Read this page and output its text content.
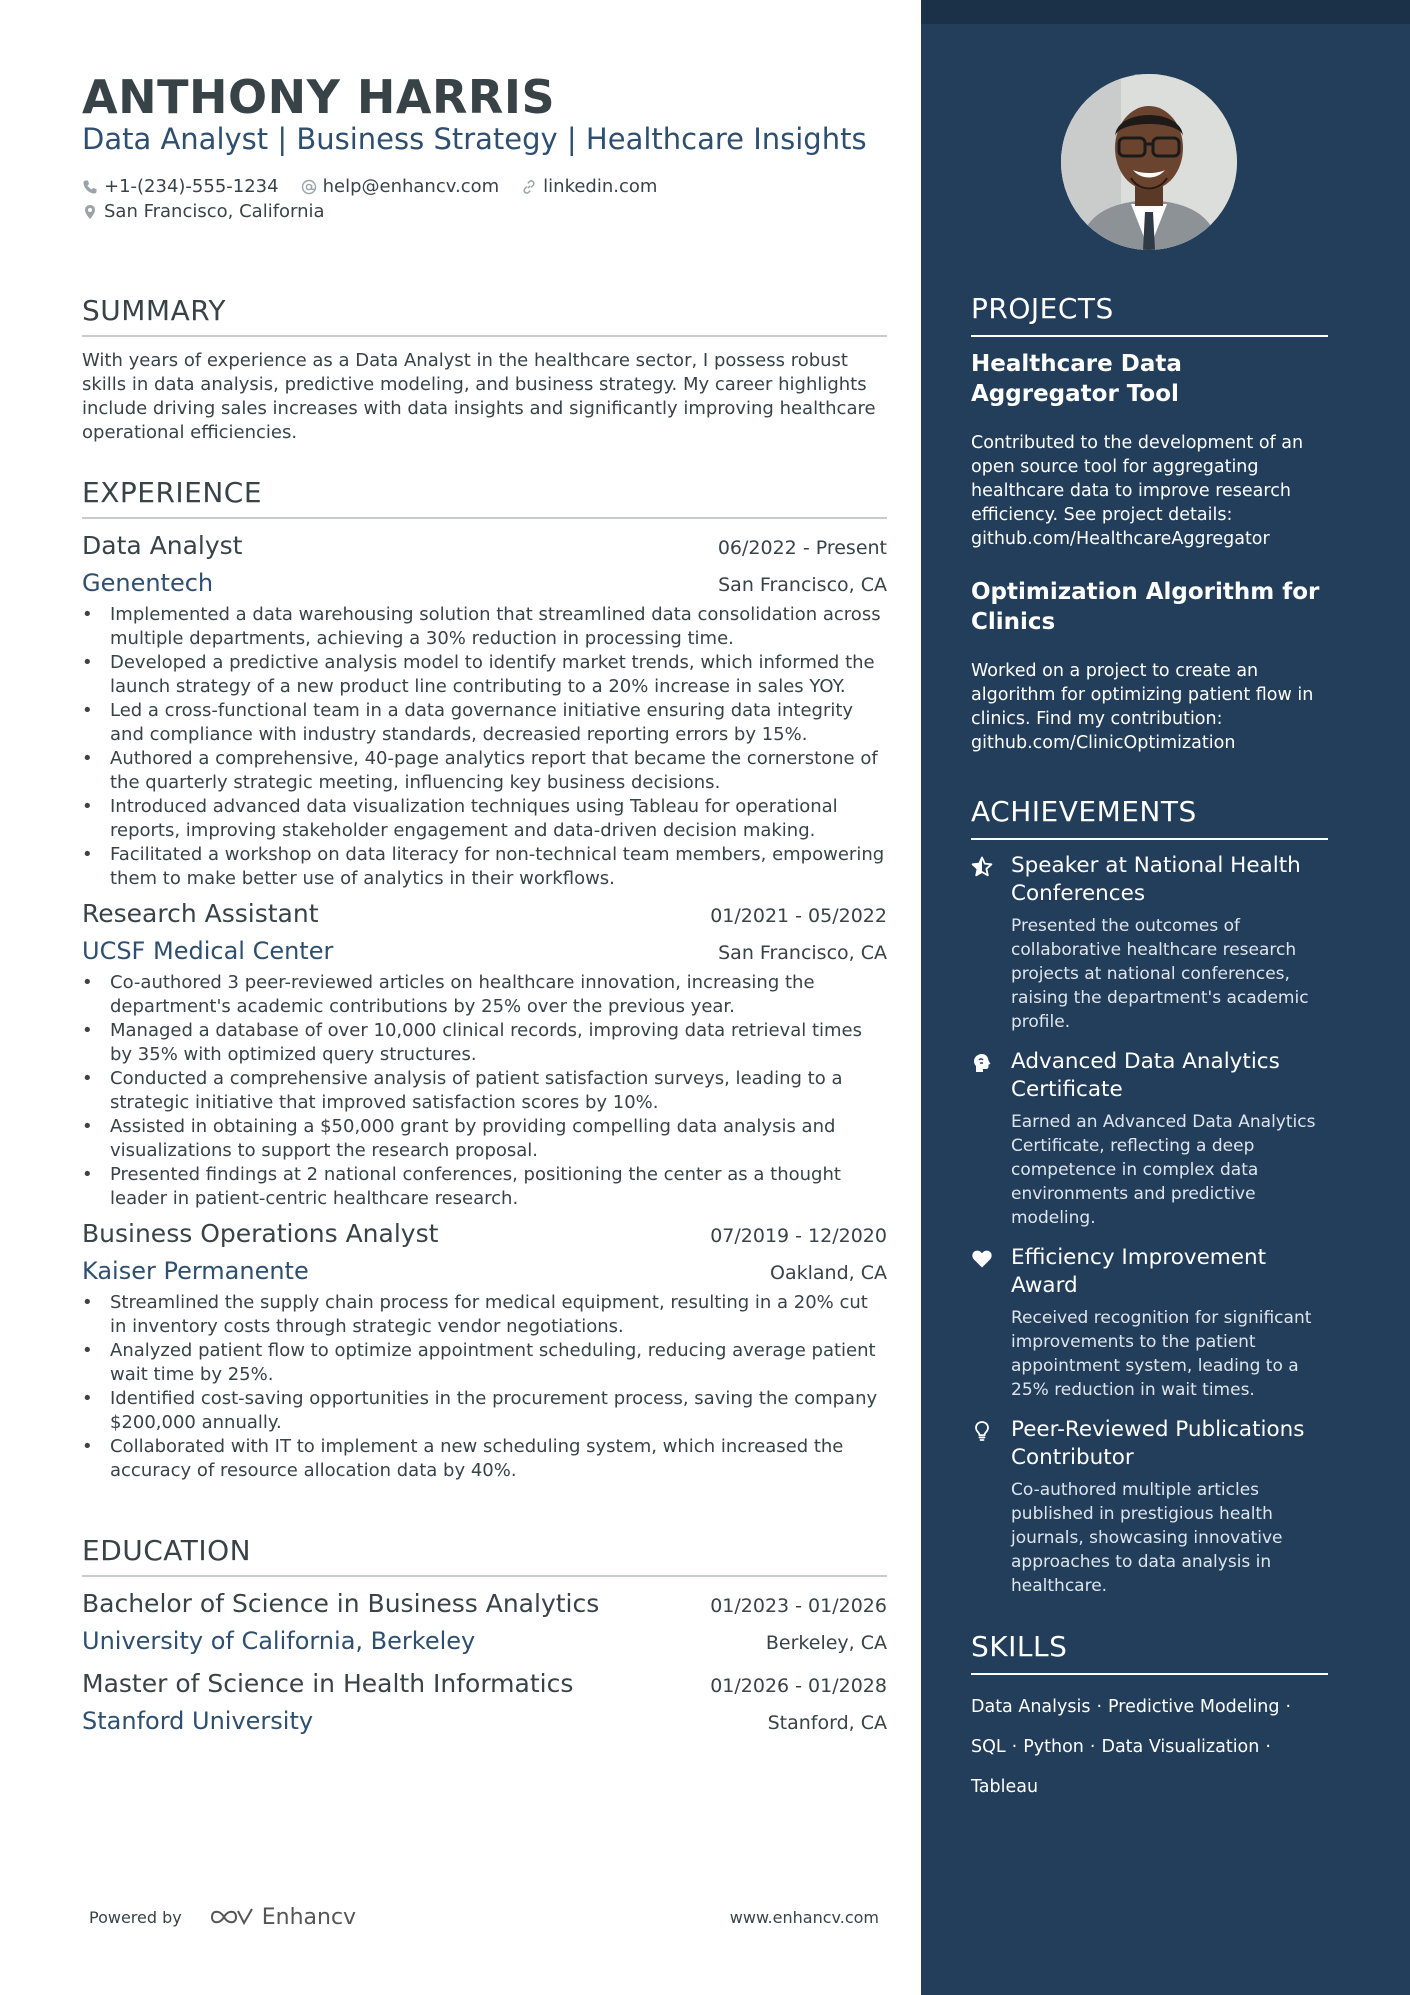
ANTHONY HARRIS
Data Analyst | Business Strategy | Healthcare Insights
+1-(234)-555-1234 help@enhancv.com linkedin.com
San Francisco, California
SUMMARY
With years of experience as a Data Analyst in the healthcare sector, I possess robust skills in data analysis, predictive modeling, and business strategy. My career highlights include driving sales increases with data insights and significantly improving healthcare operational efficiencies.
EXPERIENCE
Data Analyst	06/2022 - Present
Genentech	San Francisco, CA
• Implemented a data warehousing solution that streamlined data consolidation across multiple departments, achieving a 30% reduction in processing time.
• Developed a predictive analysis model to identify market trends, which informed the launch strategy of a new product line contributing to a 20% increase in sales YOY.
• Led a cross-functional team in a data governance initiative ensuring data integrity and compliance with industry standards, decreasied reporting errors by 15%.
• Authored a comprehensive, 40-page analytics report that became the cornerstone of the quarterly strategic meeting, influencing key business decisions.
• Introduced advanced data visualization techniques using Tableau for operational reports, improving stakeholder engagement and data-driven decision making.
• Facilitated a workshop on data literacy for non-technical team members, empowering them to make better use of analytics in their workflows.
Research Assistant	01/2021 - 05/2022
UCSF Medical Center	San Francisco, CA
• Co-authored 3 peer-reviewed articles on healthcare innovation, increasing the department's academic contributions by 25% over the previous year.
• Managed a database of over 10,000 clinical records, improving data retrieval times by 35% with optimized query structures.
• Conducted a comprehensive analysis of patient satisfaction surveys, leading to a strategic initiative that improved satisfaction scores by 10%.
• Assisted in obtaining a $50,000 grant by providing compelling data analysis and visualizations to support the research proposal.
• Presented findings at 2 national conferences, positioning the center as a thought leader in patient-centric healthcare research.
Business Operations Analyst	07/2019 - 12/2020
Kaiser Permanente	Oakland, CA
• Streamlined the supply chain process for medical equipment, resulting in a 20% cut in inventory costs through strategic vendor negotiations.
• Analyzed patient flow to optimize appointment scheduling, reducing average patient wait time by 25%.
• Identified cost-saving opportunities in the procurement process, saving the company $200,000 annually.
• Collaborated with IT to implement a new scheduling system, which increased the accuracy of resource allocation data by 40%.
EDUCATION
Bachelor of Science in Business Analytics	01/2023 - 01/2026
University of California, Berkeley	Berkeley, CA
Master of Science in Health Informatics	01/2026 - 01/2028
Stanford University	Stanford, CA
Powered by	Enhancv	www.enhancv.com
PROJECTS
Healthcare Data Aggregator Tool
Contributed to the development of an open source tool for aggregating healthcare data to improve research efficiency. See project details: github.com/HealthcareAggregator
Optimization Algorithm for Clinics
Worked on a project to create an algorithm for optimizing patient flow in clinics. Find my contribution: github.com/ClinicOptimization
ACHIEVEMENTS
Speaker at National Health Conferences
Presented the outcomes of collaborative healthcare research projects at national conferences, raising the department's academic profile.
Advanced Data Analytics Certificate
Earned an Advanced Data Analytics Certificate, reflecting a deep competence in complex data environments and predictive modeling.
Efficiency Improvement Award
Received recognition for significant improvements to the patient appointment system, leading to a 25% reduction in wait times.
Peer-Reviewed Publications Contributor
Co-authored multiple articles published in prestigious health journals, showcasing innovative approaches to data analysis in healthcare.
SKILLS
Data Analysis · Predictive Modeling ·
SQL · Python · Data Visualization ·
Tableau
